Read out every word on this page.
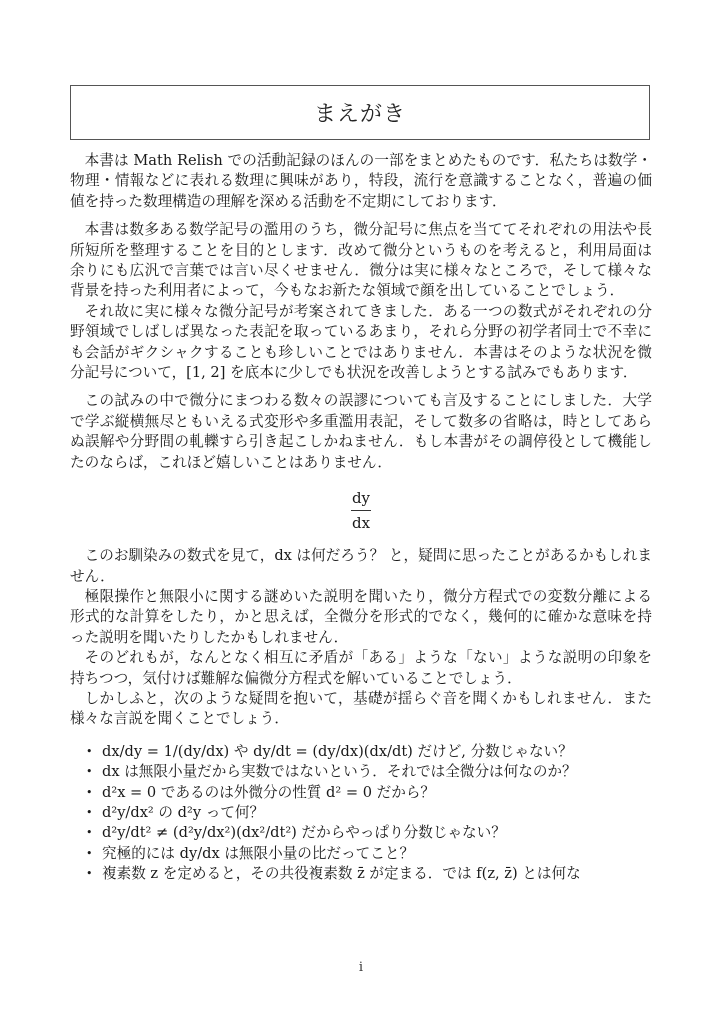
まえがき

本書は Math Relish での活動記録のほんの一部をまとめたものです．私たちは数学・物理・情報などに表れる数理に興味があり，特段，流行を意識することなく，普遍の価値を持った数理構造の理解を深める活動を不定期にしております．

本書は数多ある数学記号の濫用のうち，微分記号に焦点を当ててそれぞれの用法や長所短所を整理することを目的とします．改めて微分というものを考えると，利用局面は余りにも広汎で言葉では言い尽くせません．微分は実に様々なところで，そして様々な背景を持った利用者によって，今もなお新たな領域で顔を出していることでしょう．

それ故に実に様々な微分記号が考案されてきました．ある一つの数式がそれぞれの分野領域でしばしば異なった表記を取っているあまり，それら分野の初学者同士で不幸にも会話がギクシャクすることも珍しいことではありません．本書はそのような状況を微分記号について，[1, 2] を底本に少しでも状況を改善しようとする試みでもあります．

この試みの中で微分にまつわる数々の誤謬についても言及することにしました．大学で学ぶ縦横無尽ともいえる式変形や多重濫用表記，そして数多の省略は，時としてあらぬ誤解や分野間の軋轢すら引き起こしかねません．もし本書がその調停役として機能したのならば，これほど嬉しいことはありません．

dy
dx

このお馴染みの数式を見て，dx は何だろう？ と，疑問に思ったことがあるかもしれません．

極限操作と無限小に関する謎めいた説明を聞いたり，微分方程式での変数分離による形式的な計算をしたり，かと思えば，全微分を形式的でなく，幾何的に確かな意味を持った説明を聞いたりしたかもしれません．

そのどれもが，なんとなく相互に矛盾が「ある」ような「ない」ような説明の印象を持ちつつ，気付けば難解な偏微分方程式を解いていることでしょう．

しかしふと，次のような疑問を抱いて，基礎が揺らぐ音を聞くかもしれません．また様々な言説を聞くことでしょう．

• dx/dy = 1/(dy/dx) や dy/dt = (dy/dx)(dx/dt) だけど, 分数じゃない？
• dx は無限小量だから実数ではないという．それでは全微分は何なのか？
• d²x = 0 であるのは外微分の性質 d² = 0 だから？
• d²y/dx² の d²y って何？
• d²y/dt² ≠ (d²y/dx²)(dx²/dt²) だからやっぱり分数じゃない？
• 究極的には dy/dx は無限小量の比だってこと？
• 複素数 z を定めると，その共役複素数 z̄ が定まる．では f(z, z̄) とは何な
i
